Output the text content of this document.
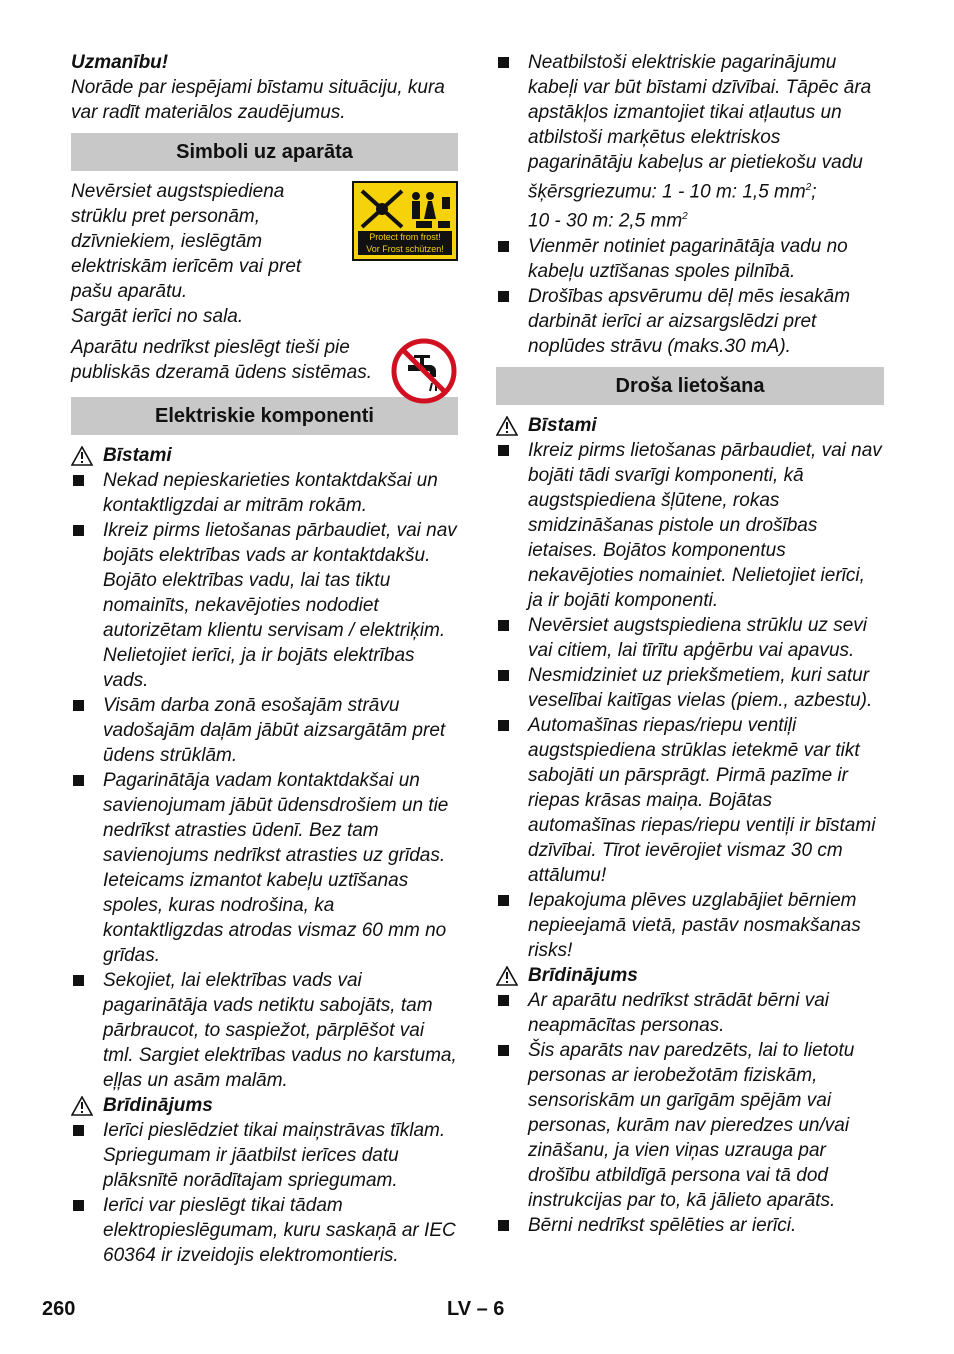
Uzmanību!

Norāde par iespējami bīstamu situāciju, kura var radīt materiālos zaudējumus.

Simboli uz aparāta

Nevērsiet augstspiediena strūklu pret personām, dzīvniekiem, ieslēgtām elektriskām ierīcēm vai pret pašu aparātu.

Protect from frost!
Vor Frost schützen!

Sargāt ierīci no sala.

Aparātu nedrīkst pieslēgt tieši pie publiskās dzeramā ūdens sistēmas.

Elektriskie komponenti
Bīstami
Nekad nepieskarieties kontaktdakšai un kontaktligzdai ar mitrām rokām.
Ikreiz pirms lietošanas pārbaudiet, vai nav bojāts elektrības vads ar kontaktdakšu. Bojāto elektrības vadu, lai tas tiktu nomainīts, nekavējoties nododiet autorizētam klientu servisam / elektriķim. Nelietojiet ierīci, ja ir bojāts elektrības vads.
Visām darba zonā esošajām strāvu vadošajām daļām jābūt aizsargātām pret ūdens strūklām.
Pagarinātāja vadam kontaktdakšai un savienojumam jābūt ūdensdrošiem un tie nedrīkst atrasties ūdenī. Bez tam savienojums nedrīkst atrasties uz grīdas. Ieteicams izmantot kabeļu uztīšanas spoles, kuras nodrošina, ka kontaktligzdas atrodas vismaz 60 mm no grīdas.
Sekojiet, lai elektrības vads vai pagarinātāja vads netiktu sabojāts, tam pārbraucot, to saspiežot, pārplēšot vai tml. Sargiet elektrības vadus no karstuma, eļļas un asām malām.
Brīdinājums
Ierīci pieslēdziet tikai maiņstrāvas tīklam. Spriegumam ir jāatbilst ierīces datu plāksnītē norādītajam spriegumam.
Ierīci var pieslēgt tikai tādam elektropieslēgumam, kuru saskaņā ar IEC 60364 ir izveidojis elektromontieris.
Neatbilstoši elektriskie pagarinājumu kabeļi var būt bīstami dzīvībai. Tāpēc āra apstākļos izmantojiet tikai atļautus un atbilstoši marķētus elektriskos pagarinātāju kabeļus ar pietiekošu vadu šķērsgriezumu: 1 - 10 m: 1,5 $mm^2$;
10 - 30 m: 2,5 $mm^2$
Vienmēr notiniet pagarinātāja vadu no kabeļu uztīšanas spoles pilnībā.
Drošības apsvērumu dēļ mēs iesakām darbināt ierīci ar aizsargslēdzi pret noplūdes strāvu (maks.30 mA).
Droša lietošana
Bīstami
Ikreiz pirms lietošanas pārbaudiet, vai nav bojāti tādi svarīgi komponenti, kā augstspiediena šļūtene, rokas smidzināšanas pistole un drošības ietaises. Bojātos komponentus nekavējoties nomainiet. Nelietojiet ierīci, ja ir bojāti komponenti.
Nevērsiet augstspiediena strūklu uz sevi vai citiem, lai tīrītu apģērbu vai apavus.
Nesmidziniet uz priekšmetiem, kuri satur veselībai kaitīgas vielas (piem., azbestu).
Automašīnas riepas/riepu ventiļi augstspiediena strūklas ietekmē var tikt sabojāti un pārsprāgt. Pirmā pazīme ir riepas krāsas maiņa. Bojātas automašīnas riepas/riepu ventiļi ir bīstami dzīvībai. Tīrot ievērojiet vismaz 30 cm attālumu!
Iepakojuma plēves uzglabājiet bērniem nepieejamā vietā, pastāv nosmakšanas risks!
Brīdinājums
Ar aparātu nedrīkst strādāt bērni vai neapmācītas personas.
Šis aparāts nav paredzēts, lai to lietotu personas ar ierobežotām fiziskām, sensoriskām un garīgām spējām vai personas, kurām nav pieredzes un/vai zināšanu, ja vien viņas uzrauga par drošību atbildīgā persona vai tā dod instrukcijas par to, kā jālieto aparāts.
Bērni nedrīkst spēlēties ar ierīci.
260	LV – 6
